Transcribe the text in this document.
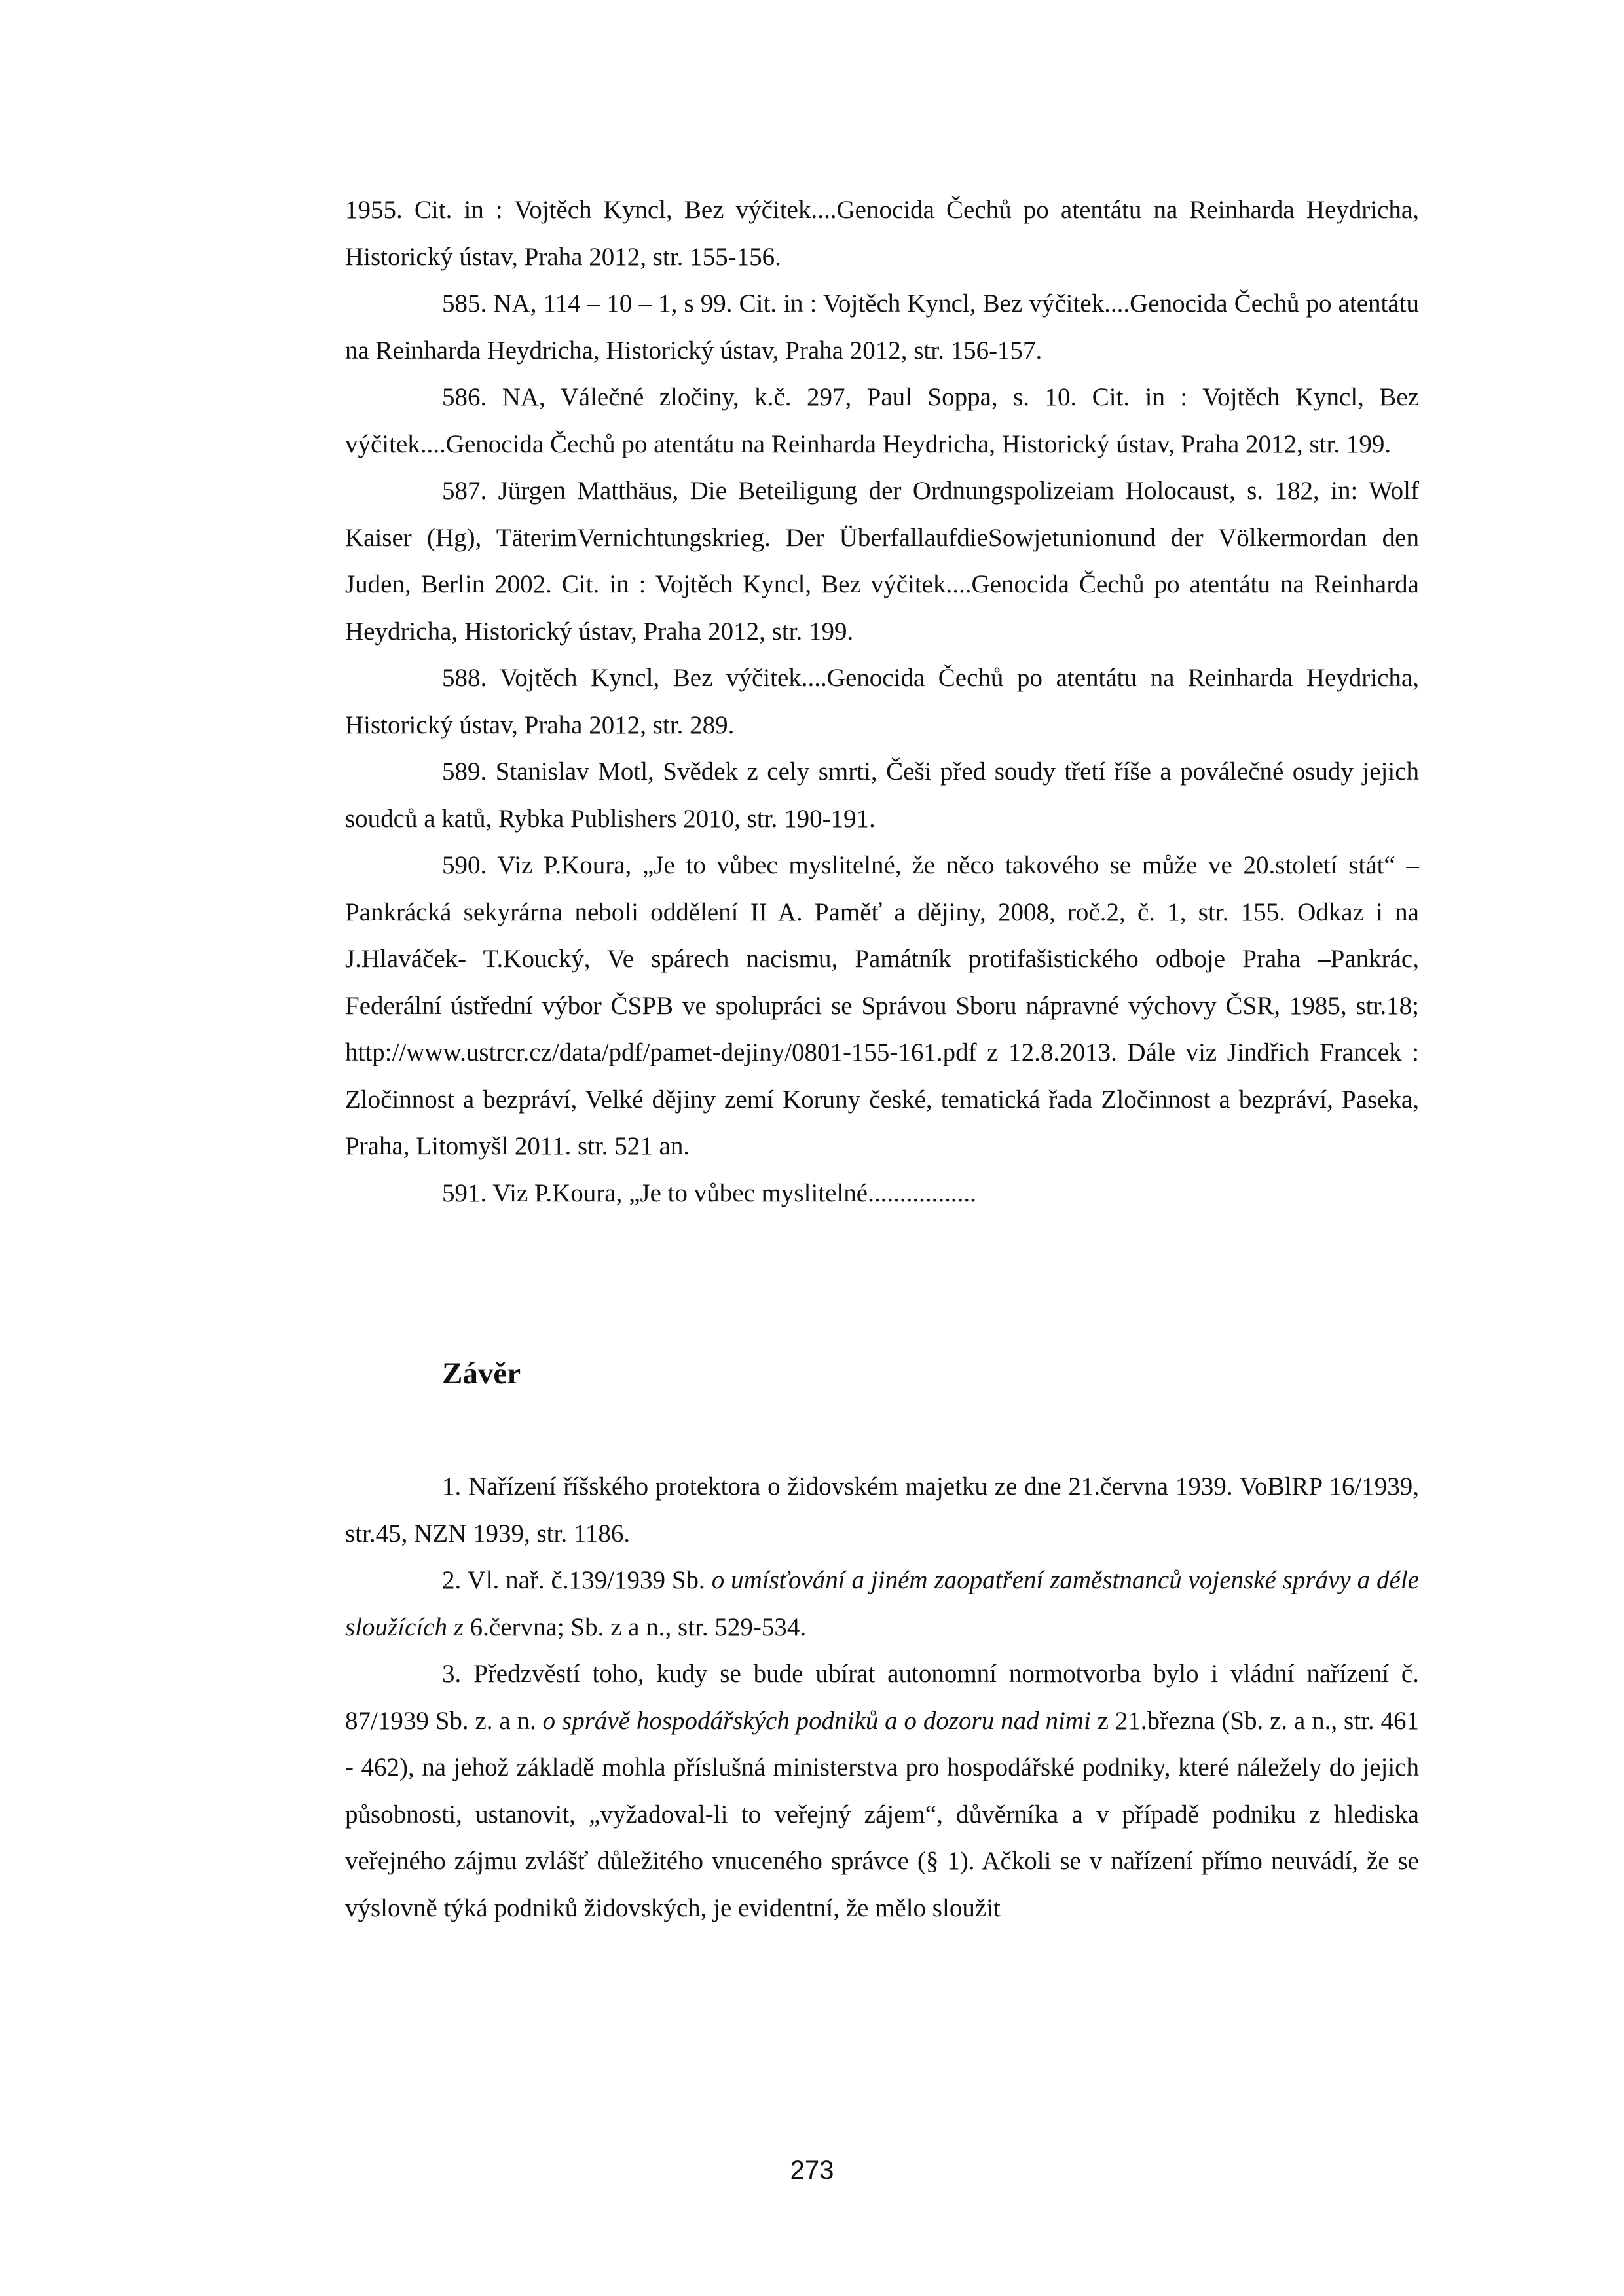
1955. Cit. in : Vojtěch Kyncl, Bez výčitek....Genocida Čechů po atentátu na Reinharda Heydricha, Historický ústav, Praha 2012, str. 155-156.

585. NA, 114 – 10 – 1, s 99. Cit. in : Vojtěch Kyncl, Bez výčitek....Genocida Čechů po atentátu na Reinharda Heydricha, Historický ústav, Praha 2012, str. 156-157.

586. NA, Válečné zločiny, k.č. 297, Paul Soppa, s. 10. Cit. in : Vojtěch Kyncl, Bez výčitek....Genocida Čechů po atentátu na Reinharda Heydricha, Historický ústav, Praha 2012, str. 199.

587. Jürgen Matthäus, Die Beteiligung der Ordnungspolizeiam Holocaust, s. 182, in: Wolf Kaiser (Hg), TäterimVernichtungskrieg. Der ÜberfallaufdieSowjetunionund der Völkermordan den Juden, Berlin 2002. Cit. in : Vojtěch Kyncl, Bez výčitek....Genocida Čechů po atentátu na Reinharda Heydricha, Historický ústav, Praha 2012, str. 199.

588. Vojtěch Kyncl, Bez výčitek....Genocida Čechů po atentátu na Reinharda Heydricha, Historický ústav, Praha 2012, str. 289.

589. Stanislav Motl, Svědek z cely smrti, Češi před soudy třetí říše a poválečné osudy jejich soudců a katů, Rybka Publishers 2010, str. 190-191.

590. Viz P.Koura, „Je to vůbec myslitelné, že něco takového se může ve 20.století stát“ – Pankrácká sekyrárna neboli oddělení II A. Paměť a dějiny, 2008, roč.2, č. 1, str. 155. Odkaz i na J.Hlaváček- T.Koucký, Ve spárech nacismu, Památník protifašistického odboje Praha –Pankrác, Federální ústřední výbor ČSPB ve spolupráci se Správou Sboru nápravné výchovy ČSR, 1985, str.18; http://www.ustrcr.cz/data/pdf/pamet-dejiny/0801-155-161.pdf z 12.8.2013. Dále viz Jindřich Francek : Zločinnost a bezpráví, Velké dějiny zemí Koruny české, tematická řada Zločinnost a bezpráví, Paseka, Praha, Litomyšl 2011. str. 521 an.

591. Viz P.Koura, „Je to vůbec myslitelné.................

Závěr

1. Nařízení říšského protektora o židovském majetku ze dne 21.června 1939. VoBlRP 16/1939, str.45, NZN 1939, str. 1186.

2. Vl. nař. č.139/1939 Sb. o umísťování a jiném zaopatření zaměstnanců vojenské správy a déle sloužících z 6.června; Sb. z a n., str. 529-534.

3. Předzvěstí toho, kudy se bude ubírat autonomní normotvorba bylo i vládní nařízení č. 87/1939 Sb. z. a n. o správě hospodářských podniků a o dozoru nad nimi z 21.března (Sb. z. a n., str. 461 - 462), na jehož základě mohla příslušná ministerstva pro hospodářské podniky, které náležely do jejich působnosti, ustanovit, „vyžadoval-li to veřejný zájem“, důvěrníka a v případě podniku z hlediska veřejného zájmu zvlášť důležitého vnuceného správce (§ 1). Ačkoli se v nařízení přímo neuvádí, že se výslovně týká podniků židovských, je evidentní, že mělo sloužit

273
